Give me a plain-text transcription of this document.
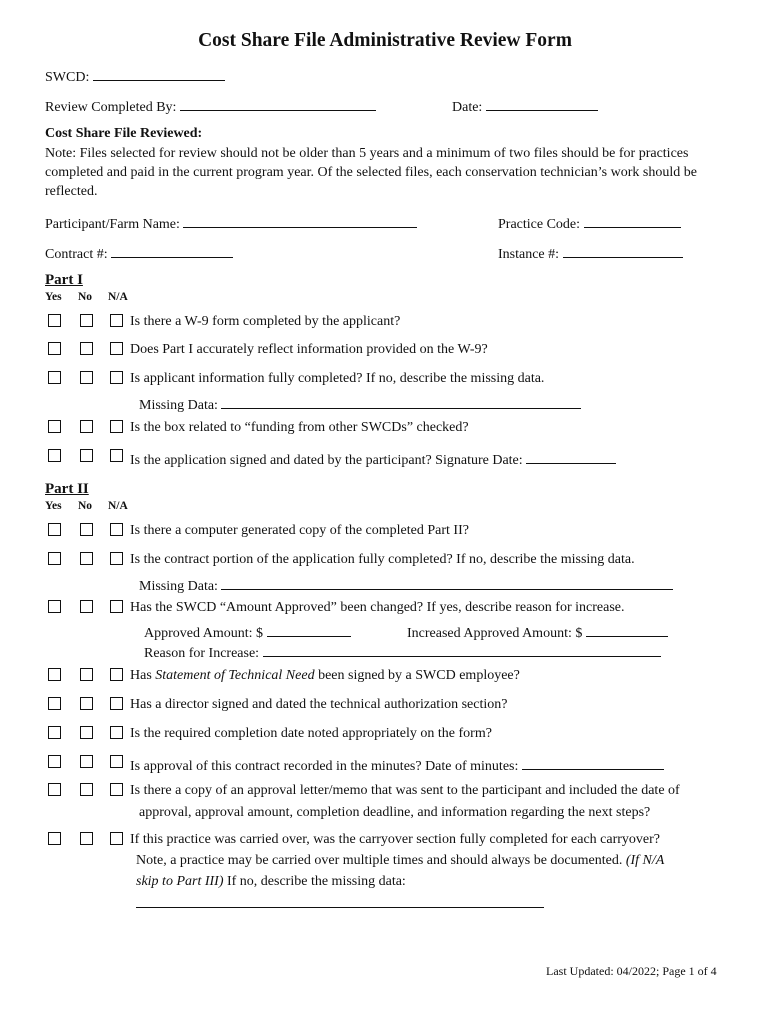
Cost Share File Administrative Review Form
SWCD:
Review Completed By:	Date:
Cost Share File Reviewed:
Note: Files selected for review should not be older than 5 years and a minimum of two files should be for practices completed and paid in the current program year. Of the selected files, each conservation technician’s work should be reflected.
Participant/Farm Name:	Practice Code:
Contract #:	Instance #:
Part I
Yes No N/A
Is there a W-9 form completed by the applicant?
Does Part I accurately reflect information provided on the W-9?
Is applicant information fully completed? If no, describe the missing data.
Missing Data:
Is the box related to “funding from other SWCDs” checked?
Is the application signed and dated by the participant? Signature Date:
Part II
Yes No N/A
Is there a computer generated copy of the completed Part II?
Is the contract portion of the application fully completed? If no, describe the missing data.
Missing Data:
Has the SWCD “Amount Approved” been changed? If yes, describe reason for increase.
Approved Amount: $	Increased Approved Amount: $
Reason for Increase:
Has Statement of Technical Need been signed by a SWCD employee?
Has a director signed and dated the technical authorization section?
Is the required completion date noted appropriately on the form?
Is approval of this contract recorded in the minutes? Date of minutes:
Is there a copy of an approval letter/memo that was sent to the participant and included the date of
approval, approval amount, completion deadline, and information regarding the next steps?
If this practice was carried over, was the carryover section fully completed for each carryover?
Note, a practice may be carried over multiple times and should always be documented. (If N/A
skip to Part III) If no, describe the missing data:
Last Updated: 04/2022; Page 1 of 4
